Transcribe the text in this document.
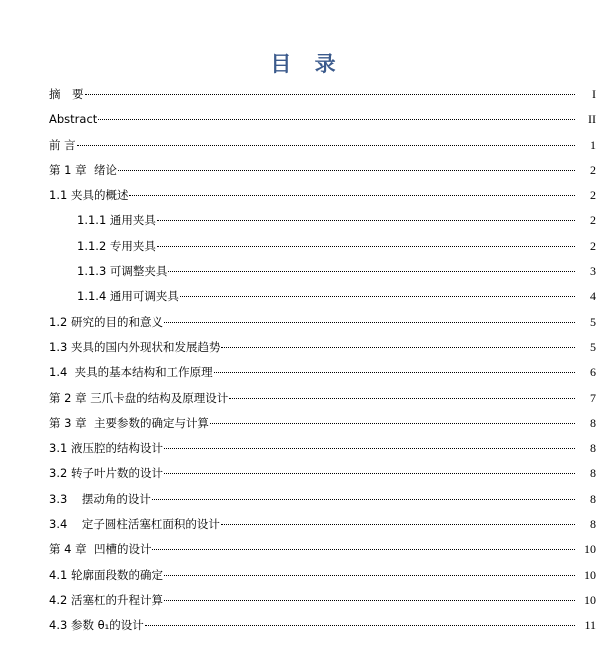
目 录
摘　要	I
Abstract	II
前 言	1
第 1 章  绪论	2
1.1 夹具的概述	2
1.1.1 通用夹具	2
1.1.2 专用夹具	2
1.1.3 可调整夹具	3
1.1.4 通用可调夹具	4
1.2 研究的目的和意义	5
1.3 夹具的国内外现状和发展趋势	5
1.4  夹具的基本结构和工作原理	6
第 2 章 三爪卡盘的结构及原理设计	7
第 3 章  主要参数的确定与计算	8
3.1 液压腔的结构设计	8
3.2 转子叶片数的设计	8
3.3    摆动角的设计	8
3.4    定子圆柱活塞杠面积的设计	8
第 4 章  凹槽的设计	10
4.1 轮廓面段数的确定	10
4.2 活塞杠的升程计算	10
4.3 参数 θ₁的设计	11
